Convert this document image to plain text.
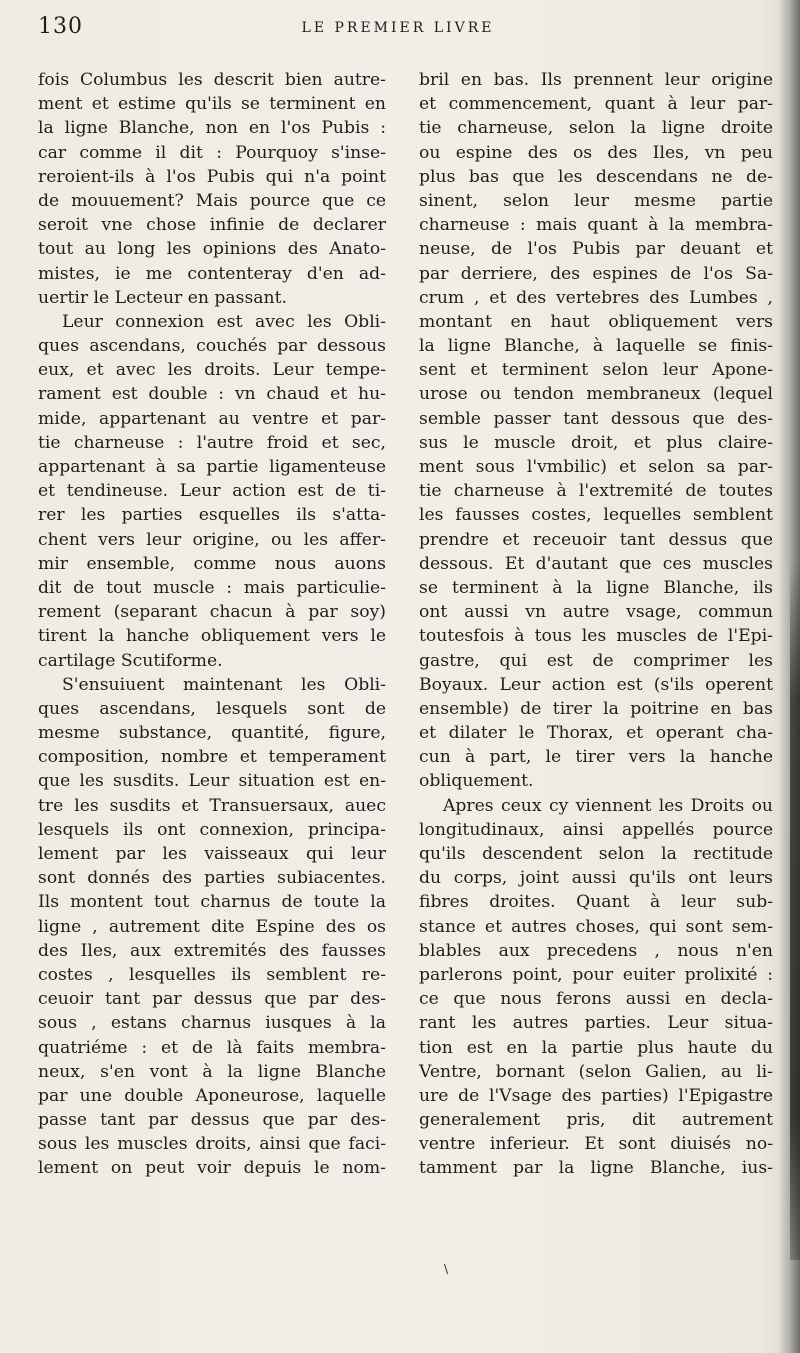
130	LE PREMIER LIVRE
fois Columbus les descrit bien autre-
ment et estime qu'ils se terminent en
la ligne Blanche, non en l'os Pubis :
car comme il dit : Pourquoy s'inse-
reroient-ils à l'os Pubis qui n'a point
de mouuement? Mais pource que ce
seroit vne chose infinie de declarer
tout au long les opinions des Anato-
mistes, ie me contenteray d'en ad-
uertir le Lecteur en passant.
Leur connexion est avec les Obli-
ques ascendans, couchés par dessous
eux, et avec les droits. Leur tempe-
rament est double : vn chaud et hu-
mide, appartenant au ventre et par-
tie charneuse : l'autre froid et sec,
appartenant à sa partie ligamenteuse
et tendineuse. Leur action est de ti-
rer les parties esquelles ils s'atta-
chent vers leur origine, ou les affer-
mir ensemble, comme nous auons
dit de tout muscle : mais particulie-
rement (separant chacun à par soy)
tirent la hanche obliquement vers le
cartilage Scutiforme.
S'ensuiuent maintenant les Obli-
ques ascendans, lesquels sont de
mesme substance, quantité, figure,
composition, nombre et temperament
que les susdits. Leur situation est en-
tre les susdits et Transuersaux, auec
lesquels ils ont connexion, principa-
lement par les vaisseaux qui leur
sont donnés des parties subiacentes.
Ils montent tout charnus de toute la
ligne , autrement dite Espine des os
des Iles, aux extremités des fausses
costes , lesquelles ils semblent re-
ceuoir tant par dessus que par des-
sous , estans charnus iusques à la
quatriéme : et de là faits membra-
neux, s'en vont à la ligne Blanche
par une double Aponeurose, laquelle
passe tant par dessus que par des-
sous les muscles droits, ainsi que faci-
lement on peut voir depuis le nom-
bril en bas. Ils prennent leur origine
et commencement, quant à leur par-
tie charneuse, selon la ligne droite
ou espine des os des Iles, vn peu
plus bas que les descendans ne de-
sinent, selon leur mesme partie
charneuse : mais quant à la membra-
neuse, de l'os Pubis par deuant et
par derriere, des espines de l'os Sa-
crum , et des vertebres des Lumbes ,
montant en haut obliquement vers
la ligne Blanche, à laquelle se finis-
sent et terminent selon leur Apone-
urose ou tendon membraneux (lequel
semble passer tant dessous que des-
sus le muscle droit, et plus claire-
ment sous l'vmbilic) et selon sa par-
tie charneuse à l'extremité de toutes
les fausses costes, lequelles semblent
prendre et receuoir tant dessus que
dessous. Et d'autant que ces muscles
se terminent à la ligne Blanche, ils
ont aussi vn autre vsage, commun
toutesfois à tous les muscles de l'Epi-
gastre, qui est de comprimer les
Boyaux. Leur action est (s'ils operent
ensemble) de tirer la poitrine en bas
et dilater le Thorax, et operant cha-
cun à part, le tirer vers la hanche
obliquement.
Apres ceux cy viennent les Droits ou
longitudinaux, ainsi appellés pource
qu'ils descendent selon la rectitude
du corps, joint aussi qu'ils ont leurs
fibres droites. Quant à leur sub-
stance et autres choses, qui sont sem-
blables aux precedens , nous n'en
parlerons point, pour euiter prolixité :
ce que nous ferons aussi en decla-
rant les autres parties. Leur situa-
tion est en la partie plus haute du
Ventre, bornant (selon Galien, au li-
ure de l'Vsage des parties) l'Epigastre
generalement pris, dit autrement
ventre inferieur. Et sont diuisés no-
tamment par la ligne Blanche, ius-
\
